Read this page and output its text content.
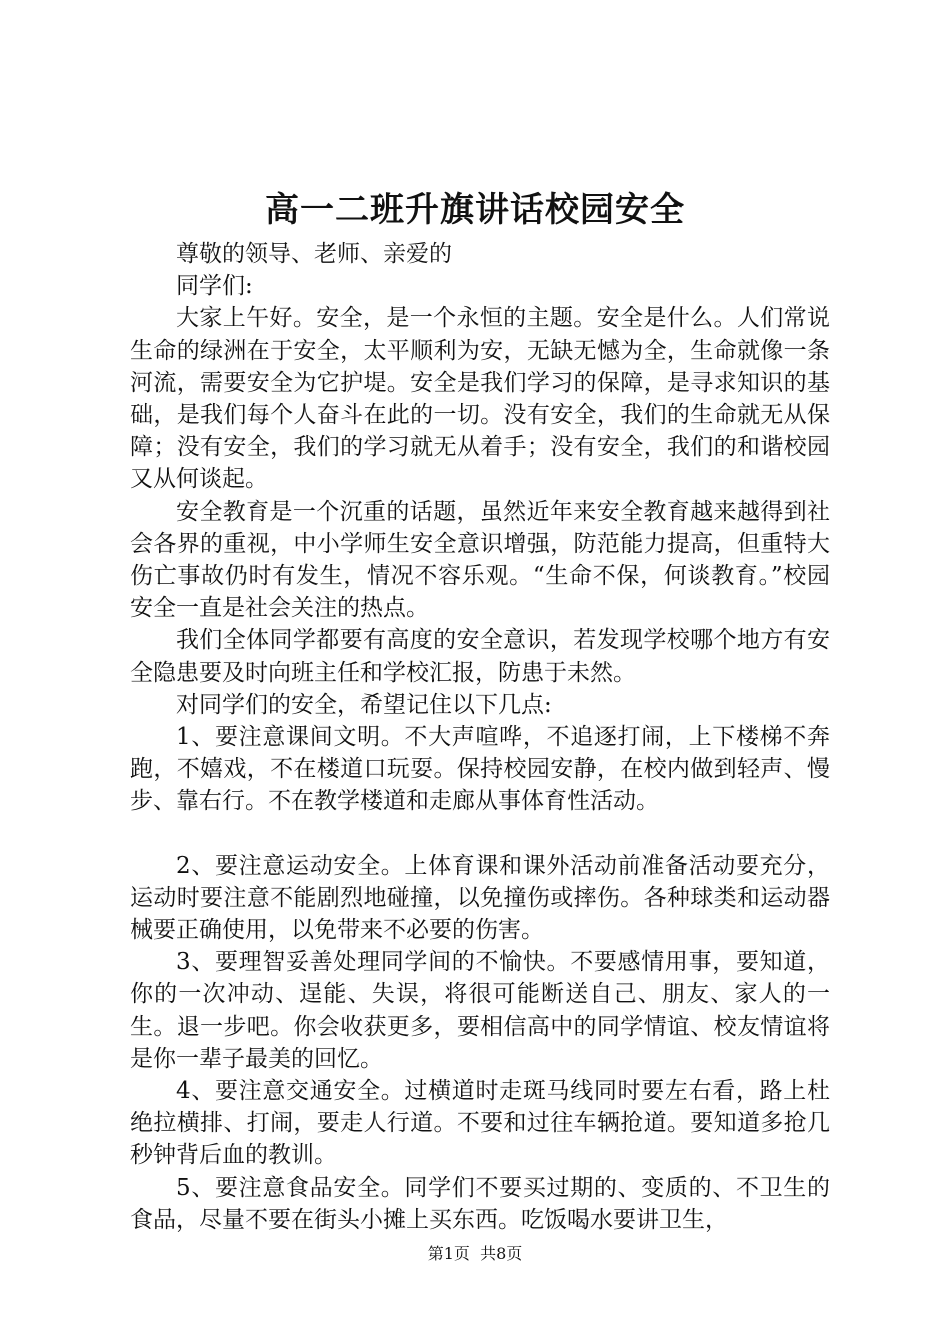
高一二班升旗讲话校园安全

尊敬的领导、老师、亲爱的

同学们:

大家上午好。安全，是一个永恒的主题。安全是什么。人们常说生命的绿洲在于安全，太平顺利为安，无缺无憾为全，生命就像一条河流，需要安全为它护堤。安全是我们学习的保障，是寻求知识的基础，是我们每个人奋斗在此的一切。没有安全，我们的生命就无从保障；没有安全，我们的学习就无从着手；没有安全，我们的和谐校园又从何谈起。

安全教育是一个沉重的话题，虽然近年来安全教育越来越得到社会各界的重视，中小学师生安全意识增强，防范能力提高，但重特大伤亡事故仍时有发生，情况不容乐观。“生命不保，何谈教育。”校园安全一直是社会关注的热点。

我们全体同学都要有高度的安全意识，若发现学校哪个地方有安全隐患要及时向班主任和学校汇报，防患于未然。

对同学们的安全，希望记住以下几点:

1、要注意课间文明。不大声喧哗，不追逐打闹，上下楼梯不奔跑，不嬉戏，不在楼道口玩耍。保持校园安静，在校内做到轻声、慢步、靠右行。不在教学楼道和走廊从事体育性活动。

2、要注意运动安全。上体育课和课外活动前准备活动要充分，运动时要注意不能剧烈地碰撞，以免撞伤或摔伤。各种球类和运动器械要正确使用，以免带来不必要的伤害。

3、要理智妥善处理同学间的不愉快。不要感情用事，要知道，你的一次冲动、逞能、失误，将很可能断送自己、朋友、家人的一生。退一步吧。你会收获更多，要相信高中的同学情谊、校友情谊将是你一辈子最美的回忆。

4、要注意交通安全。过横道时走斑马线同时要左右看，路上杜绝拉横排、打闹，要走人行道。不要和过往车辆抢道。要知道多抢几秒钟背后血的教训。

5、要注意食品安全。同学们不要买过期的、变质的、不卫生的食品，尽量不要在街头小摊上买东西。吃饭喝水要讲卫生，

第1页 共8页
